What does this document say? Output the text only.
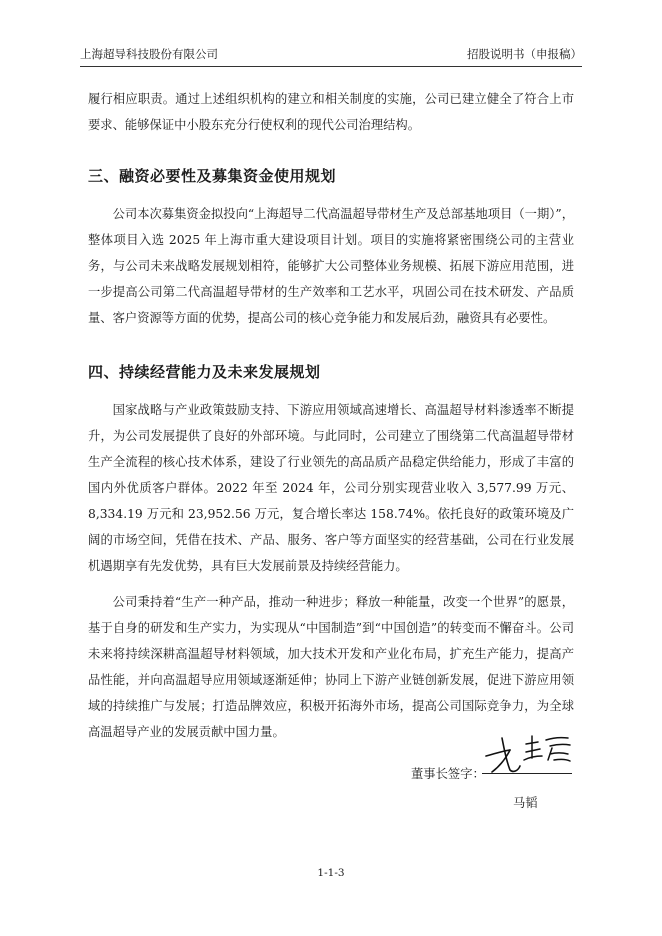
上海超导科技股份有限公司	招股说明书（申报稿）

履行相应职责。通过上述组织机构的建立和相关制度的实施，公司已建立健全了符合上市要求、能够保证中小股东充分行使权利的现代公司治理结构。

三、融资必要性及募集资金使用规划

公司本次募集资金拟投向“上海超导二代高温超导带材生产及总部基地项目（一期）”，整体项目入选 2025 年上海市重大建设项目计划。项目的实施将紧密围绕公司的主营业务，与公司未来战略发展规划相符，能够扩大公司整体业务规模、拓展下游应用范围，进一步提高公司第二代高温超导带材的生产效率和工艺水平，巩固公司在技术研发、产品质量、客户资源等方面的优势，提高公司的核心竞争能力和发展后劲，融资具有必要性。

四、持续经营能力及未来发展规划

国家战略与产业政策鼓励支持、下游应用领域高速增长、高温超导材料渗透率不断提升，为公司发展提供了良好的外部环境。与此同时，公司建立了围绕第二代高温超导带材生产全流程的核心技术体系，建设了行业领先的高品质产品稳定供给能力，形成了丰富的国内外优质客户群体。2022 年至 2024 年，公司分别实现营业收入 3,577.99 万元、8,334.19 万元和 23,952.56 万元，复合增长率达 158.74%。依托良好的政策环境及广阔的市场空间，凭借在技术、产品、服务、客户等方面坚实的经营基础，公司在行业发展机遇期享有先发优势，具有巨大发展前景及持续经营能力。

公司秉持着“生产一种产品，推动一种进步；释放一种能量，改变一个世界”的愿景，基于自身的研发和生产实力，为实现从“中国制造”到“中国创造”的转变而不懈奋斗。公司未来将持续深耕高温超导材料领域，加大技术开发和产业化布局，扩充生产能力，提高产品性能，并向高温超导应用领域逐渐延伸；协同上下游产业链创新发展，促进下游应用领域的持续推广与发展；打造品牌效应，积极开拓海外市场，提高公司国际竞争力，为全球高温超导产业的发展贡献中国力量。

董事长签字：
马韬
1-1-3
